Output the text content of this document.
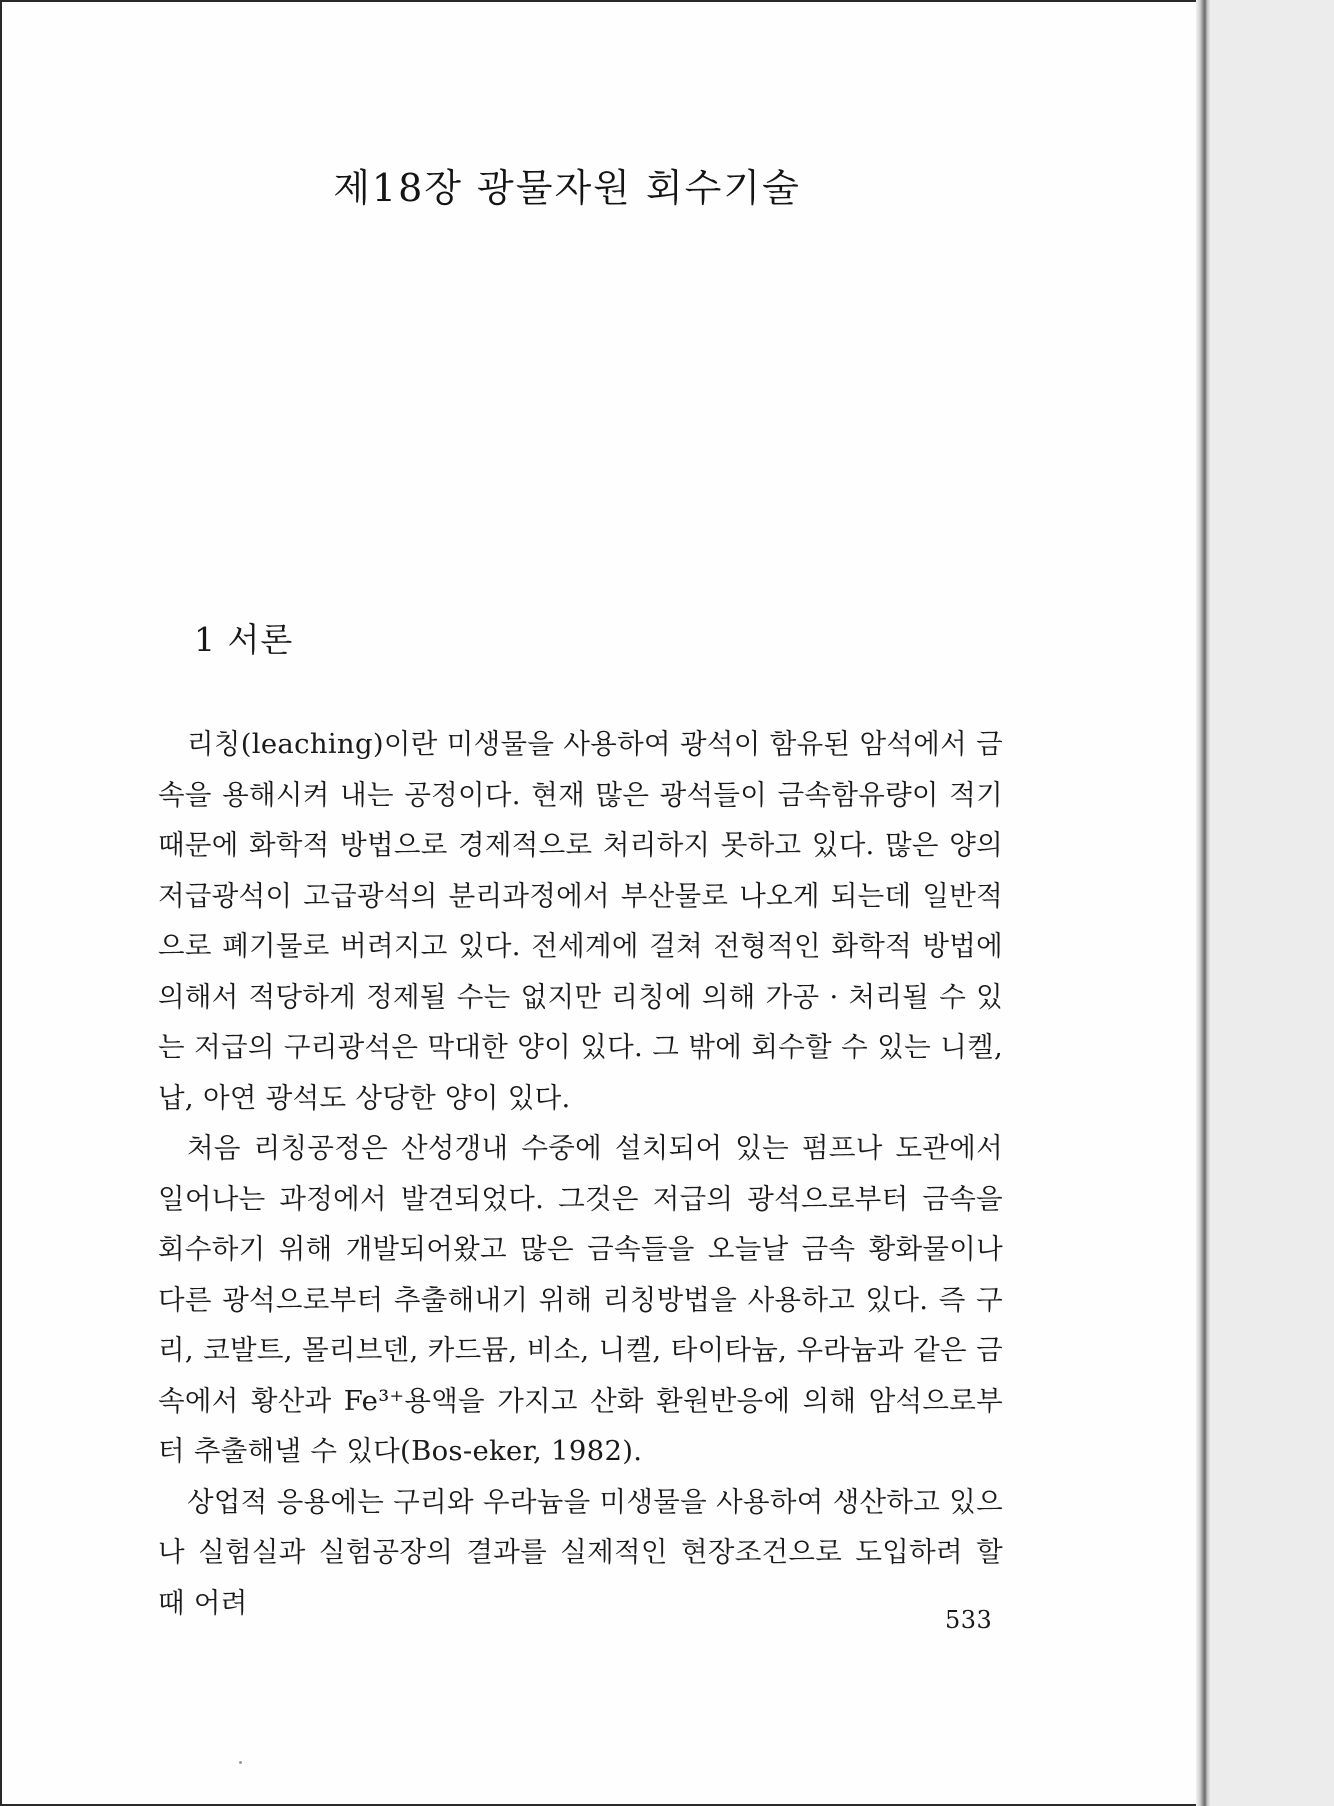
제18장 광물자원 회수기술
1 서론

리칭(leaching)이란 미생물을 사용하여 광석이 함유된 암석에서 금속을 용해시켜 내는 공정이다. 현재 많은 광석들이 금속함유량이 적기 때문에 화학적 방법으로 경제적으로 처리하지 못하고 있다. 많은 양의 저급광석이 고급광석의 분리과정에서 부산물로 나오게 되는데 일반적으로 폐기물로 버려지고 있다. 전세계에 걸쳐 전형적인 화학적 방법에 의해서 적당하게 정제될 수는 없지만 리칭에 의해 가공 · 처리될 수 있는 저급의 구리광석은 막대한 양이 있다. 그 밖에 회수할 수 있는 니켈, 납, 아연 광석도 상당한 양이 있다.

처음 리칭공정은 산성갱내 수중에 설치되어 있는 펌프나 도관에서 일어나는 과정에서 발견되었다. 그것은 저급의 광석으로부터 금속을 회수하기 위해 개발되어왔고 많은 금속들을 오늘날 금속 황화물이나 다른 광석으로부터 추출해내기 위해 리칭방법을 사용하고 있다. 즉 구리, 코발트, 몰리브덴, 카드뮴, 비소, 니켈, 타이타늄, 우라늄과 같은 금속에서 황산과 Fe³⁺용액을 가지고 산화 환원반응에 의해 암석으로부터 추출해낼 수 있다(Bos-eker, 1982).

상업적 응용에는 구리와 우라늄을 미생물을 사용하여 생산하고 있으나 실험실과 실험공장의 결과를 실제적인 현장조건으로 도입하려 할 때 어려

533
